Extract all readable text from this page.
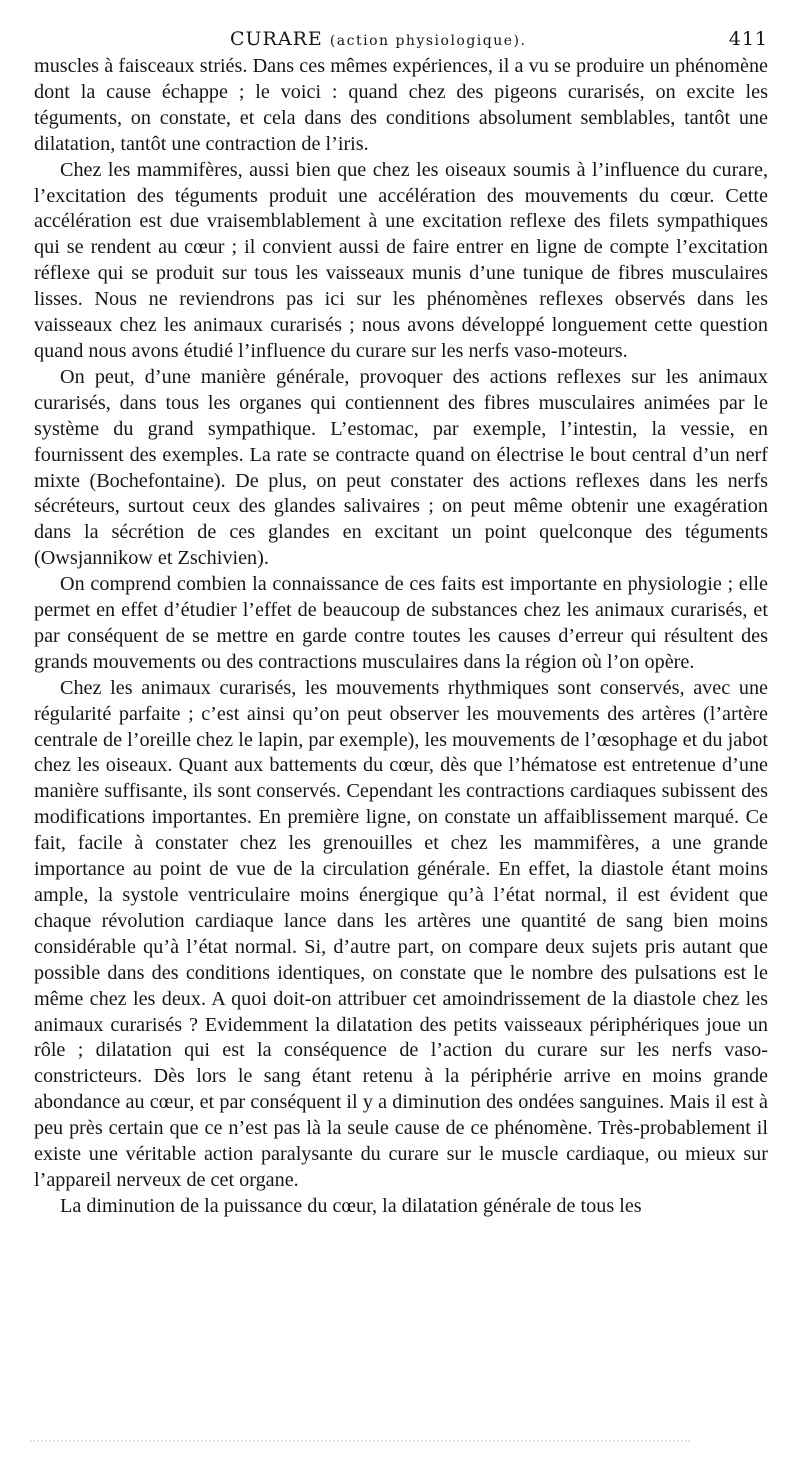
CURARE (action physiologique).	411

muscles à faisceaux striés. Dans ces mêmes expériences, il a vu se produire un phénomène dont la cause échappe ; le voici : quand chez des pigeons curarisés, on excite les téguments, on constate, et cela dans des conditions absolument semblables, tantôt une dilatation, tantôt une contraction de l’iris.

Chez les mammifères, aussi bien que chez les oiseaux soumis à l’influence du curare, l’excitation des téguments produit une accélération des mouvements du cœur. Cette accélération est due vraisemblablement à une excitation reflexe des filets sympathiques qui se rendent au cœur ; il convient aussi de faire entrer en ligne de compte l’excitation réflexe qui se produit sur tous les vaisseaux munis d’une tunique de fibres musculaires lisses. Nous ne reviendrons pas ici sur les phénomènes reflexes observés dans les vaisseaux chez les animaux curarisés ; nous avons développé longuement cette question quand nous avons étudié l’influence du curare sur les nerfs vaso-moteurs.

On peut, d’une manière générale, provoquer des actions reflexes sur les animaux curarisés, dans tous les organes qui contiennent des fibres musculaires animées par le système du grand sympathique. L’estomac, par exemple, l’intestin, la vessie, en fournissent des exemples. La rate se contracte quand on électrise le bout central d’un nerf mixte (Bochefontaine). De plus, on peut constater des actions reflexes dans les nerfs sécréteurs, surtout ceux des glandes salivaires ; on peut même obtenir une exagération dans la sécrétion de ces glandes en excitant un point quelconque des téguments (Owsjannikow et Zschivien).

On comprend combien la connaissance de ces faits est importante en physiologie ; elle permet en effet d’étudier l’effet de beaucoup de substances chez les animaux curarisés, et par conséquent de se mettre en garde contre toutes les causes d’erreur qui résultent des grands mouvements ou des contractions musculaires dans la région où l’on opère.

Chez les animaux curarisés, les mouvements rhythmiques sont conservés, avec une régularité parfaite ; c’est ainsi qu’on peut observer les mouvements des artères (l’artère centrale de l’oreille chez le lapin, par exemple), les mouvements de l’œsophage et du jabot chez les oiseaux. Quant aux battements du cœur, dès que l’hématose est entretenue d’une manière suffisante, ils sont conservés. Cependant les contractions cardiaques subissent des modifications importantes. En première ligne, on constate un affaiblissement marqué. Ce fait, facile à constater chez les grenouilles et chez les mammifères, a une grande importance au point de vue de la circulation générale. En effet, la diastole étant moins ample, la systole ventriculaire moins énergique qu’à l’état normal, il est évident que chaque révolution cardiaque lance dans les artères une quantité de sang bien moins considérable qu’à l’état normal. Si, d’autre part, on compare deux sujets pris autant que possible dans des conditions identiques, on constate que le nombre des pulsations est le même chez les deux. A quoi doit-on attribuer cet amoindrissement de la diastole chez les animaux curarisés ? Evidemment la dilatation des petits vaisseaux périphériques joue un rôle ; dilatation qui est la conséquence de l’action du curare sur les nerfs vaso-constricteurs. Dès lors le sang étant retenu à la périphérie arrive en moins grande abondance au cœur, et par conséquent il y a diminution des ondées sanguines. Mais il est à peu près certain que ce n’est pas là la seule cause de ce phénomène. Très-probablement il existe une véritable action paralysante du curare sur le muscle cardiaque, ou mieux sur l’appareil nerveux de cet organe.

La diminution de la puissance du cœur, la dilatation générale de tous les
